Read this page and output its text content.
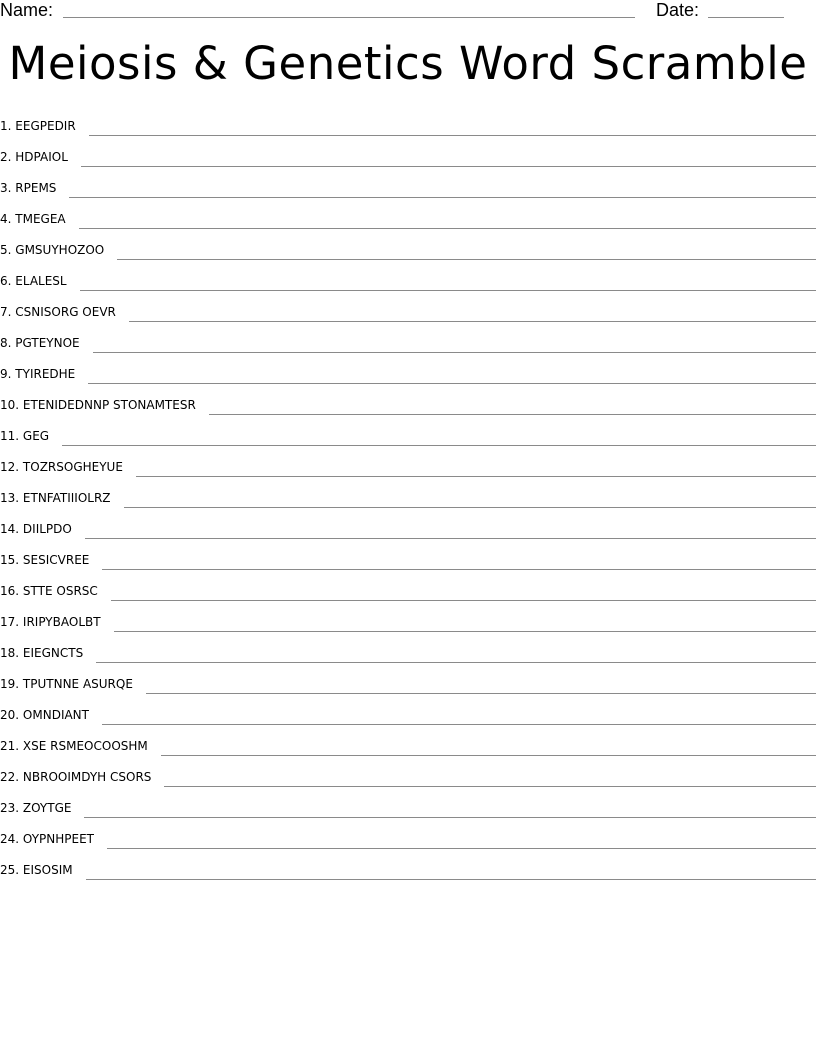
Name:	Date:
Meiosis & Genetics Word Scramble
1. EEGPEDIR
2. HDPAIOL
3. RPEMS
4. TMEGEA
5. GMSUYHOZOO
6. ELALESL
7. CSNISORG OEVR
8. PGTEYNOE
9. TYIREDHE
10. ETENIDEDNNP STONAMTESR
11. GEG
12. TOZRSOGHEYUE
13. ETNFATIIIOLRZ
14. DIILPDO
15. SESICVREE
16. STTE OSRSC
17. IRIPYBAOLBT
18. EIEGNCTS
19. TPUTNNE ASURQE
20. OMNDIANT
21. XSE RSMEOCOOSHM
22. NBROOIMDYH CSORS
23. ZOYTGE
24. OYPNHPEET
25. EISOSIM
